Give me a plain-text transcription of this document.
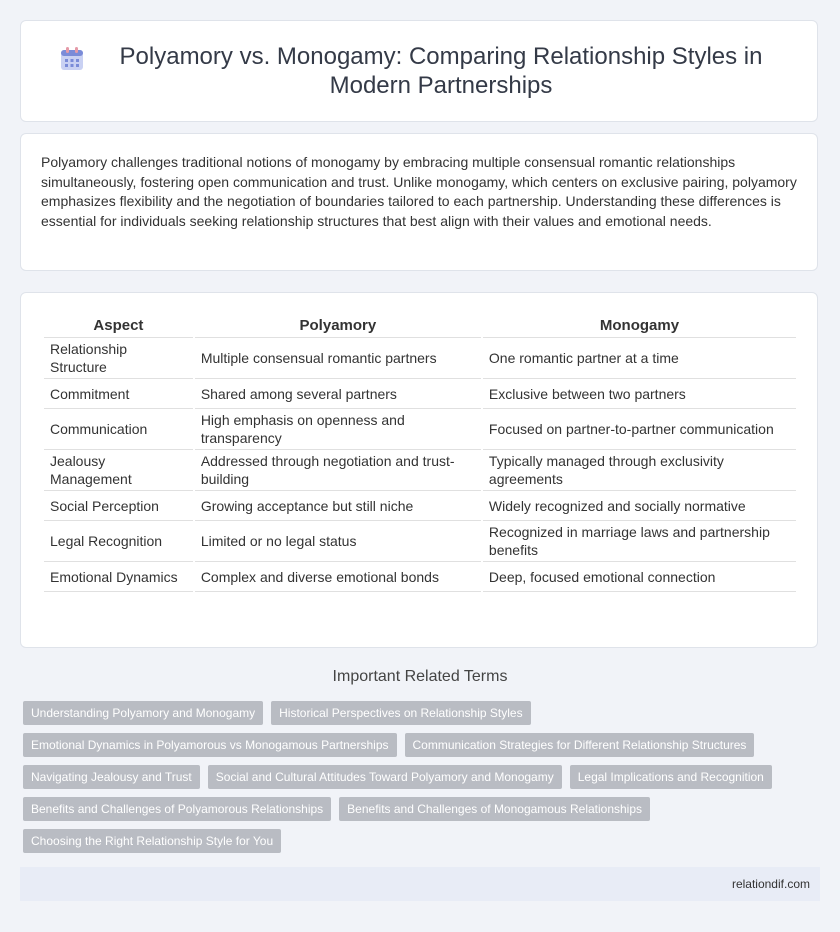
Polyamory vs. Monogamy: Comparing Relationship Styles in Modern Partnerships

Polyamory challenges traditional notions of monogamy by embracing multiple consensual romantic relationships simultaneously, fostering open communication and trust. Unlike monogamy, which centers on exclusive pairing, polyamory emphasizes flexibility and the negotiation of boundaries tailored to each partnership. Understanding these differences is essential for individuals seeking relationship structures that best align with their values and emotional needs.

Aspect	Polyamory	Monogamy
Relationship Structure	Multiple consensual romantic partners	One romantic partner at a time
Commitment	Shared among several partners	Exclusive between two partners
Communication	High emphasis on openness and transparency	Focused on partner-to-partner communication
Jealousy Management	Addressed through negotiation and trust-building	Typically managed through exclusivity agreements
Social Perception	Growing acceptance but still niche	Widely recognized and socially normative
Legal Recognition	Limited or no legal status	Recognized in marriage laws and partnership benefits
Emotional Dynamics	Complex and diverse emotional bonds	Deep, focused emotional connection
Important Related Terms
Understanding Polyamory and Monogamy	Historical Perspectives on Relationship Styles
Emotional Dynamics in Polyamorous vs Monogamous Partnerships	Communication Strategies for Different Relationship Structures
Navigating Jealousy and Trust	Social and Cultural Attitudes Toward Polyamory and Monogamy	Legal Implications and Recognition
Benefits and Challenges of Polyamorous Relationships	Benefits and Challenges of Monogamous Relationships
Choosing the Right Relationship Style for You
relationdif.com
